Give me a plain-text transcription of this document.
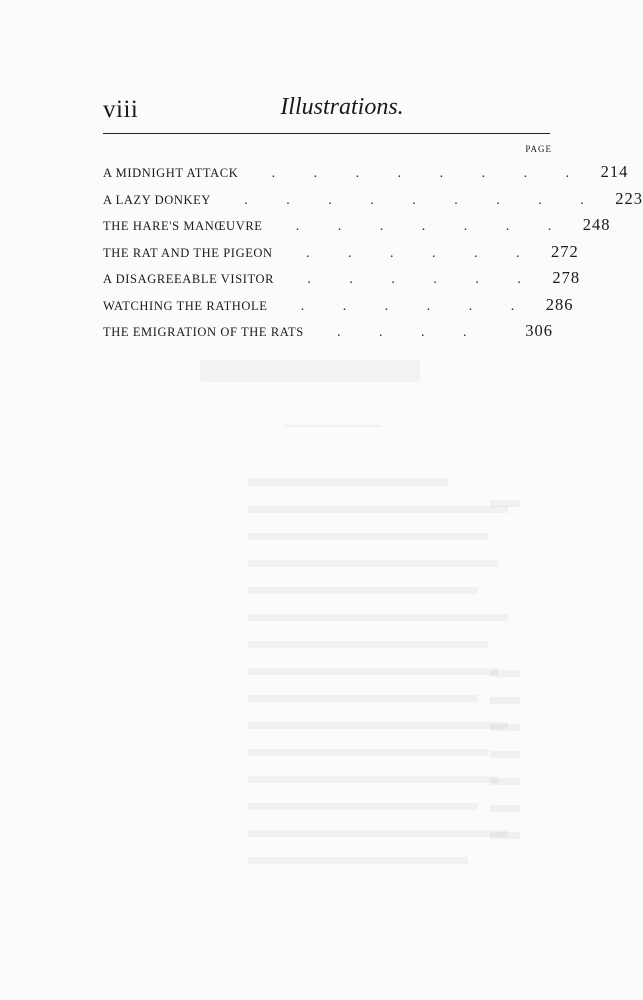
viii	Illustrations.
PAGE
A MIDNIGHT ATTACK	.	.	.	.	.	.	.	.	214
A LAZY DONKEY	.	.	.	.	.	.	.	.	.	223
THE HARE'S MANŒUVRE	.	.	.	.	.	.	.	248
THE RAT AND THE PIGEON	.	.	.	.	.	.	272
A DISAGREEABLE VISITOR	.	.	.	.	.	.	278
WATCHING THE RATHOLE	.	.	.	.	.	.	286
THE EMIGRATION OF THE RATS	.	.	.	.	306
